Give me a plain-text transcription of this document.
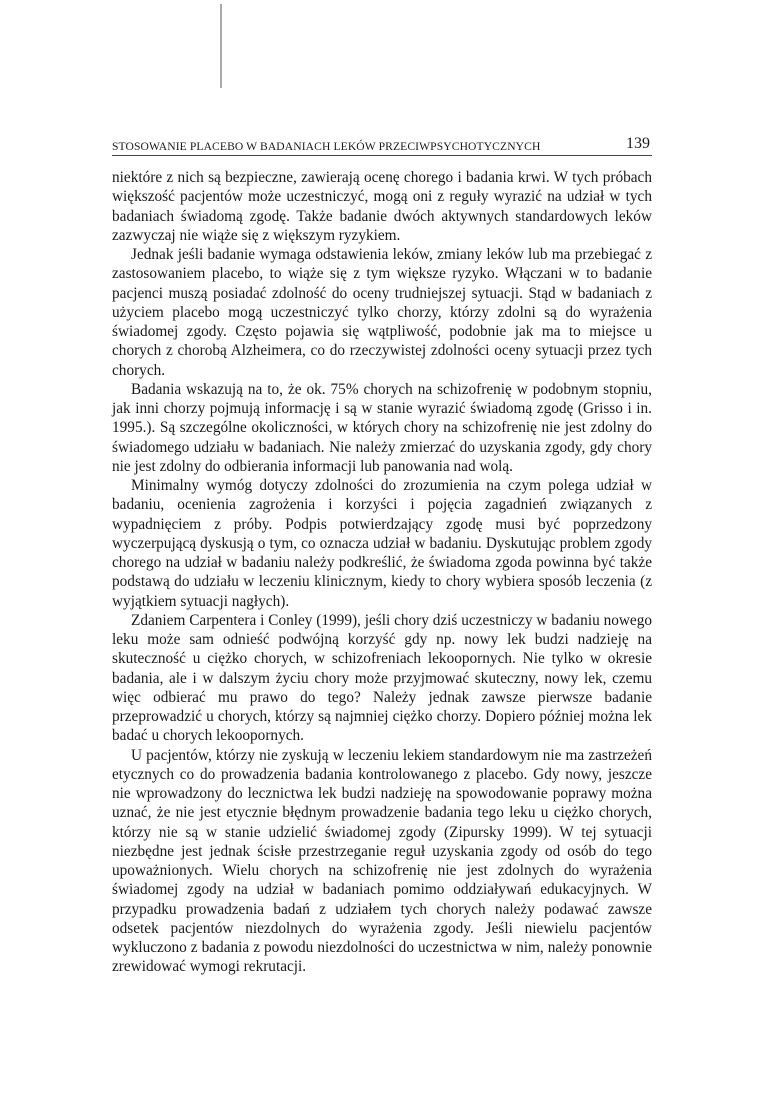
STOSOWANIE PLACEBO W BADANIACH LEKÓW PRZECIWPSYCHOTYCZNYCH	139

niektóre z nich są bezpieczne, zawierają ocenę chorego i badania krwi. W tych próbach większość pacjentów może uczestniczyć, mogą oni z reguły wyrazić na udział w tych badaniach świadomą zgodę. Także badanie dwóch aktywnych standardowych leków zazwyczaj nie wiąże się z większym ryzykiem.

Jednak jeśli badanie wymaga odstawienia leków, zmiany leków lub ma przebiegać z zastosowaniem placebo, to wiąże się z tym większe ryzyko. Włączani w to badanie pacjenci muszą posiadać zdolność do oceny trudniejszej sytuacji. Stąd w badaniach z użyciem placebo mogą uczestniczyć tylko chorzy, którzy zdolni są do wyrażenia świadomej zgody. Często pojawia się wątpliwość, podobnie jak ma to miejsce u chorych z chorobą Alzheimera, co do rzeczywistej zdolności oceny sytuacji przez tych chorych.

Badania wskazują na to, że ok. 75% chorych na schizofrenię w podobnym stopniu, jak inni chorzy pojmują informację i są w stanie wyrazić świadomą zgodę (Grisso i in. 1995.). Są szczególne okoliczności, w których chory na schizofrenię nie jest zdolny do świadomego udziału w badaniach. Nie należy zmierzać do uzyskania zgody, gdy chory nie jest zdolny do odbierania informacji lub panowania nad wolą.

Minimalny wymóg dotyczy zdolności do zrozumienia na czym polega udział w badaniu, ocenienia zagrożenia i korzyści i pojęcia zagadnień związanych z wypadnięciem z próby. Podpis potwierdzający zgodę musi być poprzedzony wyczerpującą dyskusją o tym, co oznacza udział w badaniu. Dyskutując problem zgody chorego na udział w badaniu należy podkreślić, że świadoma zgoda powinna być także podstawą do udziału w leczeniu klinicznym, kiedy to chory wybiera sposób leczenia (z wyjątkiem sytuacji nagłych).

Zdaniem Carpentera i Conley (1999), jeśli chory dziś uczestniczy w badaniu nowego leku może sam odnieść podwójną korzyść gdy np. nowy lek budzi nadzieję na skuteczność u ciężko chorych, w schizofreniach lekoopornych. Nie tylko w okresie badania, ale i w dalszym życiu chory może przyjmować skuteczny, nowy lek, czemu więc odbierać mu prawo do tego? Należy jednak zawsze pierwsze badanie przeprowadzić u chorych, którzy są najmniej ciężko chorzy. Dopiero później można lek badać u chorych lekoopornych.

U pacjentów, którzy nie zyskują w leczeniu lekiem standardowym nie ma zastrzeżeń etycznych co do prowadzenia badania kontrolowanego z placebo. Gdy nowy, jeszcze nie wprowadzony do lecznictwa lek budzi nadzieję na spowodowanie poprawy można uznać, że nie jest etycznie błędnym prowadzenie badania tego leku u ciężko chorych, którzy nie są w stanie udzielić świadomej zgody (Zipursky 1999). W tej sytuacji niezbędne jest jednak ścisłe przestrzeganie reguł uzyskania zgody od osób do tego upoważnionych. Wielu chorych na schizofrenię nie jest zdolnych do wyrażenia świadomej zgody na udział w badaniach pomimo oddziaływań edukacyjnych. W przypadku prowadzenia badań z udziałem tych chorych należy podawać zawsze odsetek pacjentów niezdolnych do wyrażenia zgody. Jeśli niewielu pacjentów wykluczono z badania z powodu niezdolności do uczestnictwa w nim, należy ponownie zrewidować wymogi rekrutacji.
